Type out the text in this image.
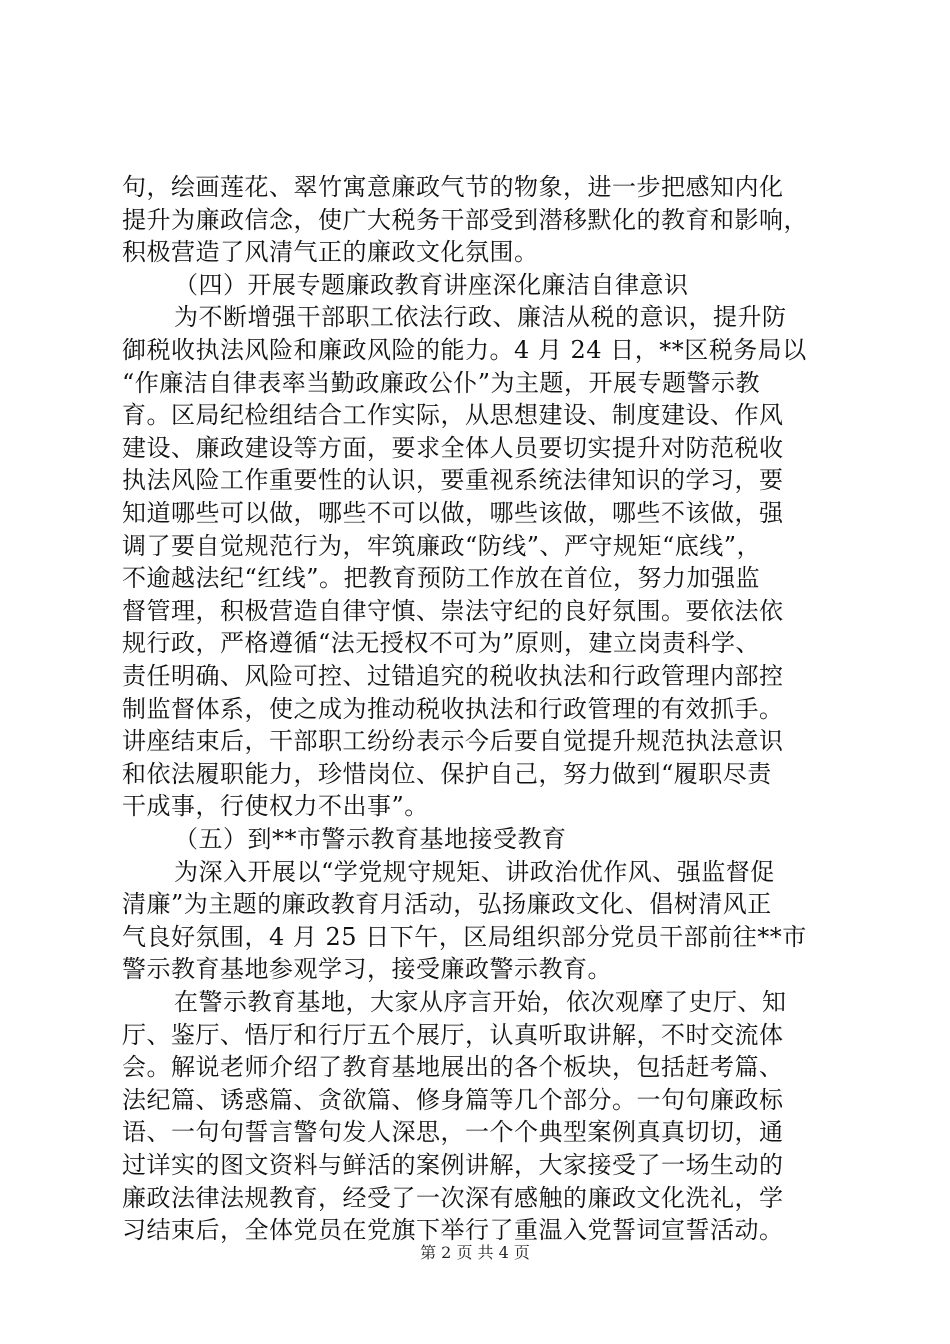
句，绘画莲花、翠竹寓意廉政气节的物象，进一步把感知内化
提升为廉政信念，使广大税务干部受到潜移默化的教育和影响，
积极营造了风清气正的廉政文化氛围。
（四）开展专题廉政教育讲座深化廉洁自律意识
为不断增强干部职工依法行政、廉洁从税的意识，提升防
御税收执法风险和廉政风险的能力。4 月 24 日，**区税务局以
“作廉洁自律表率当勤政廉政公仆”为主题，开展专题警示教
育。区局纪检组结合工作实际，从思想建设、制度建设、作风
建设、廉政建设等方面，要求全体人员要切实提升对防范税收
执法风险工作重要性的认识，要重视系统法律知识的学习，要
知道哪些可以做，哪些不可以做，哪些该做，哪些不该做，强
调了要自觉规范行为，牢筑廉政“防线”、严守规矩“底线”，
不逾越法纪“红线”。把教育预防工作放在首位，努力加强监
督管理，积极营造自律守慎、崇法守纪的良好氛围。要依法依
规行政，严格遵循“法无授权不可为”原则，建立岗责科学、
责任明确、风险可控、过错追究的税收执法和行政管理内部控
制监督体系，使之成为推动税收执法和行政管理的有效抓手。
讲座结束后，干部职工纷纷表示今后要自觉提升规范执法意识
和依法履职能力，珍惜岗位、保护自己，努力做到“履职尽责
干成事，行使权力不出事”。
（五）到**市警示教育基地接受教育
为深入开展以“学党规守规矩、讲政治优作风、强监督促
清廉”为主题的廉政教育月活动，弘扬廉政文化、倡树清风正
气良好氛围，4 月 25 日下午，区局组织部分党员干部前往**市
警示教育基地参观学习，接受廉政警示教育。
在警示教育基地，大家从序言开始，依次观摩了史厅、知
厅、鉴厅、悟厅和行厅五个展厅，认真听取讲解，不时交流体
会。解说老师介绍了教育基地展出的各个板块，包括赶考篇、
法纪篇、诱惑篇、贪欲篇、修身篇等几个部分。一句句廉政标
语、一句句誓言警句发人深思，一个个典型案例真真切切，通
过详实的图文资料与鲜活的案例讲解，大家接受了一场生动的
廉政法律法规教育，经受了一次深有感触的廉政文化洗礼，学
习结束后，全体党员在党旗下举行了重温入党誓词宣誓活动。
第 2 页 共 4 页
